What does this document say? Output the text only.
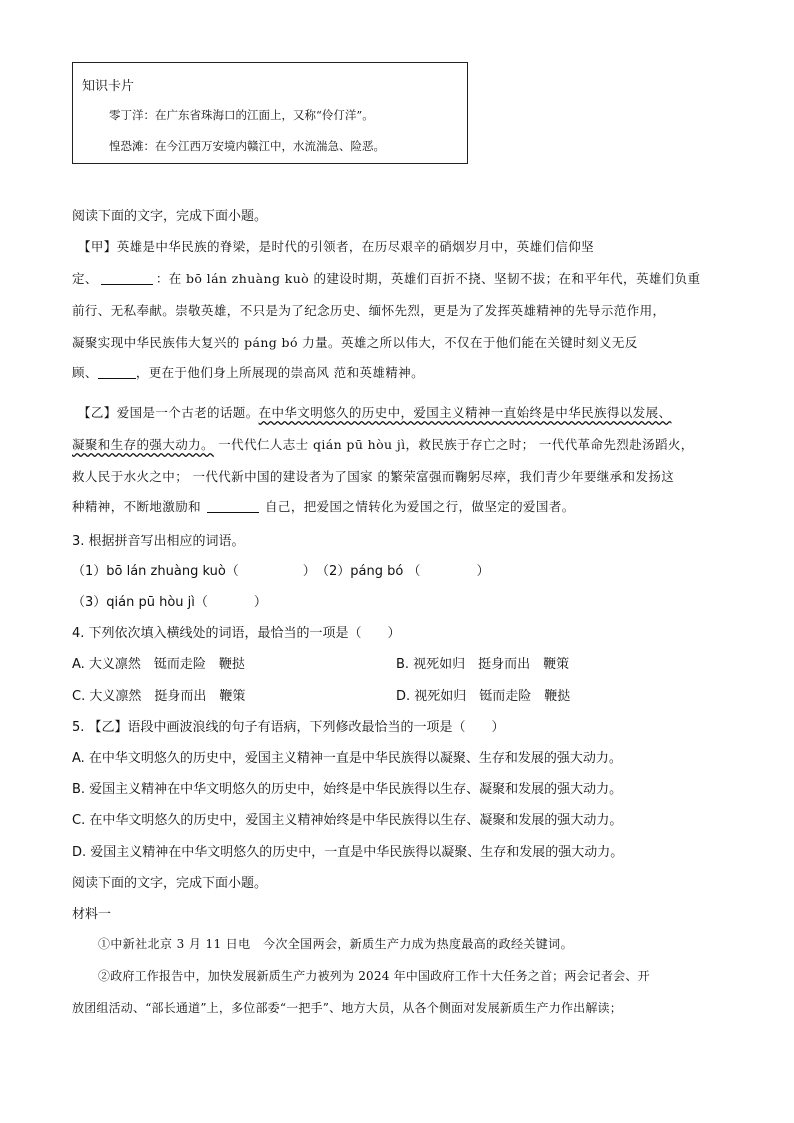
知识卡片
零丁洋：在广东省珠海口的江面上，又称“伶仃洋”。
惶恐滩：在今江西万安境内赣江中，水流湍急、险恶。
阅读下面的文字，完成下面小题。
【甲】英雄是中华民族的脊梁，是时代的引领者，在历尽艰辛的硝烟岁月中，英雄们信仰坚
定、	：在 bō lán zhuàng kuò 的建设时期，英雄们百折不挠、坚韧不拔；在和平年代，英雄们负重
前行、无私奉献。崇敬英雄，不只是为了纪念历史、缅怀先烈，更是为了发挥英雄精神的先导示范作用，
凝聚实现中华民族伟大复兴的 páng bó 力量。英雄之所以伟大，不仅在于他们能在关键时刻义无反
顾、	，更在于他们身上所展现的崇高风 范和英雄精神。
【乙】爱国是一个古老的话题。在中华文明悠久的历史中，爱国主义精神一直始终是中华民族得以发展、
凝聚和生存的强大动力。 一代代仁人志士 qián pū hòu jì，救民族于存亡之时； 一代代革命先烈赴汤蹈火，
救人民于水火之中； 一代代新中国的建设者为了国家 的繁荣富强而鞠躬尽瘁，我们青少年要继承和发扬这
种精神，不断地激励和	自己，把爱国之情转化为爱国之行，做坚定的爱国者。
3. 根据拼音写出相应的词语。
（1）bō lán zhuàng kuò（	） （2）páng bó （	）
（3）qián pū hòu jì（	）
4. 下列依次填入横线处的词语，最恰当的一项是（　　）
A. 大义凛然　铤而走险　鞭挞	B. 视死如归　挺身而出　鞭策
C. 大义凛然　挺身而出　鞭策	D. 视死如归　铤而走险　鞭挞
5. 【乙】语段中画波浪线的句子有语病，下列修改最恰当的一项是（　　）
A. 在中华文明悠久的历史中，爱国主义精神一直是中华民族得以凝聚、生存和发展的强大动力。
B. 爱国主义精神在中华文明悠久的历史中，始终是中华民族得以生存、凝聚和发展的强大动力。
C. 在中华文明悠久的历史中，爱国主义精神始终是中华民族得以生存、凝聚和发展的强大动力。
D. 爱国主义精神在中华文明悠久的历史中，一直是中华民族得以凝聚、生存和发展的强大动力。
阅读下面的文字，完成下面小题。
材料一
①中新社北京 3 月 11 日电　今次全国两会，新质生产力成为热度最高的政经关键词。
②政府工作报告中，加快发展新质生产力被列为 2024 年中国政府工作十大任务之首；两会记者会、开
放团组活动、“部长通道”上，多位部委“一把手”、地方大员，从各个侧面对发展新质生产力作出解读；
